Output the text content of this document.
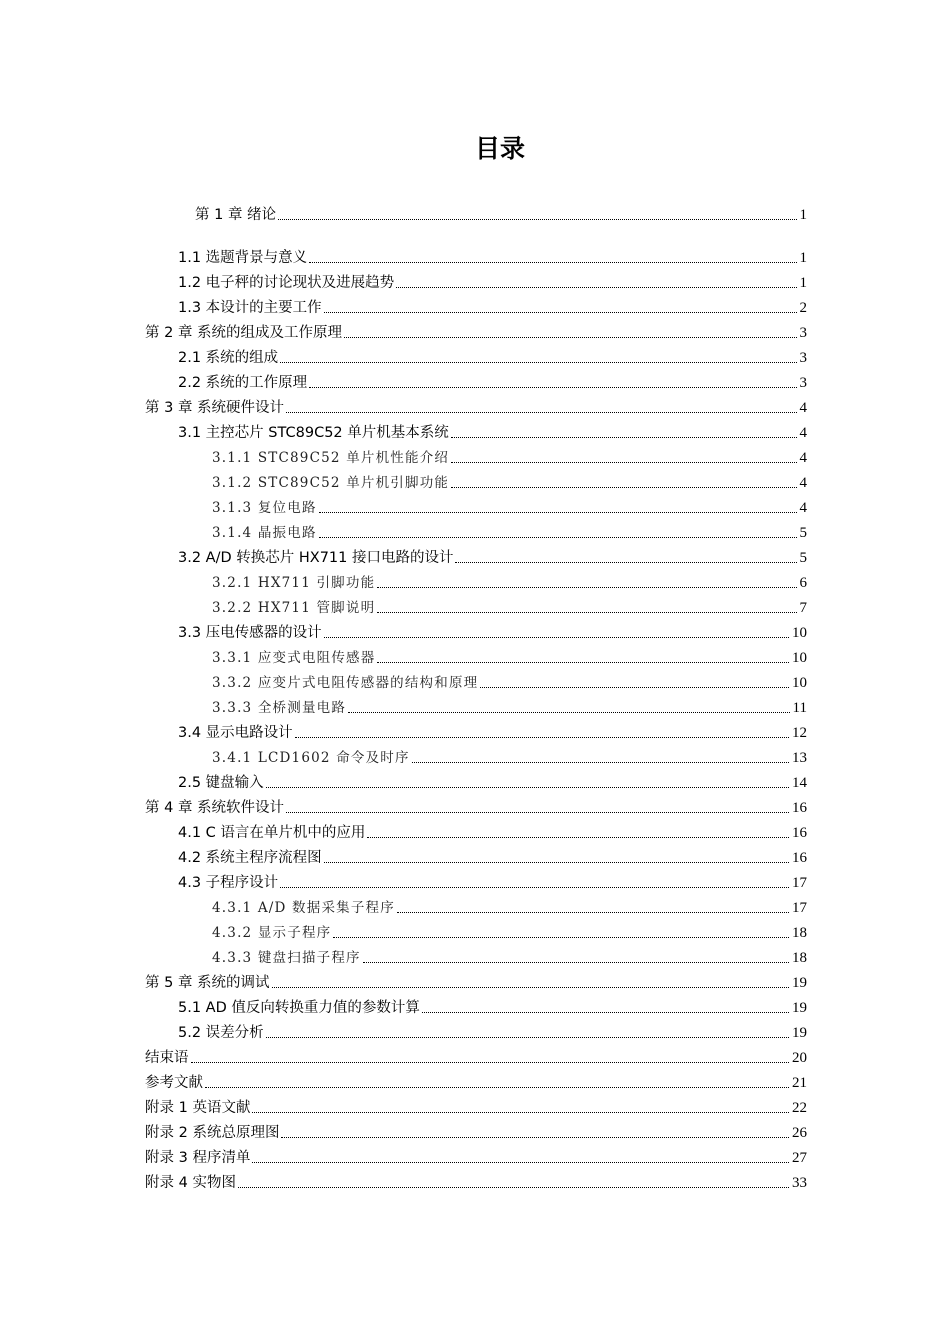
目录
第 1 章 绪论	1
1.1 选题背景与意义	1
1.2 电子秤的讨论现状及进展趋势	1
1.3 本设计的主要工作	2
第 2 章 系统的组成及工作原理	3
2.1 系统的组成	3
2.2 系统的工作原理	3
第 3 章 系统硬件设计	4
3.1 主控芯片 STC89C52 单片机基本系统	4
3.1.1 STC89C52 单片机性能介绍	4
3.1.2 STC89C52 单片机引脚功能	4
3.1.3 复位电路	4
3.1.4 晶振电路	5
3.2 A/D 转换芯片 HX711 接口电路的设计	5
3.2.1 HX711 引脚功能	6
3.2.2 HX711 管脚说明	7
3.3 压电传感器的设计	10
3.3.1 应变式电阻传感器	10
3.3.2 应变片式电阻传感器的结构和原理	10
3.3.3 全桥测量电路	11
3.4 显示电路设计	12
3.4.1 LCD1602 命令及时序	13
2.5 键盘输入	14
第 4 章 系统软件设计	16
4.1 C 语言在单片机中的应用	16
4.2 系统主程序流程图	16
4.3 子程序设计	17
4.3.1 A/D 数据采集子程序	17
4.3.2 显示子程序	18
4.3.3 键盘扫描子程序	18
第 5 章 系统的调试	19
5.1 AD 值反向转换重力值的参数计算	19
5.2 误差分析	19
结束语	20
参考文献	21
附录 1 英语文献	22
附录 2 系统总原理图	26
附录 3 程序清单	27
附录 4 实物图	33
